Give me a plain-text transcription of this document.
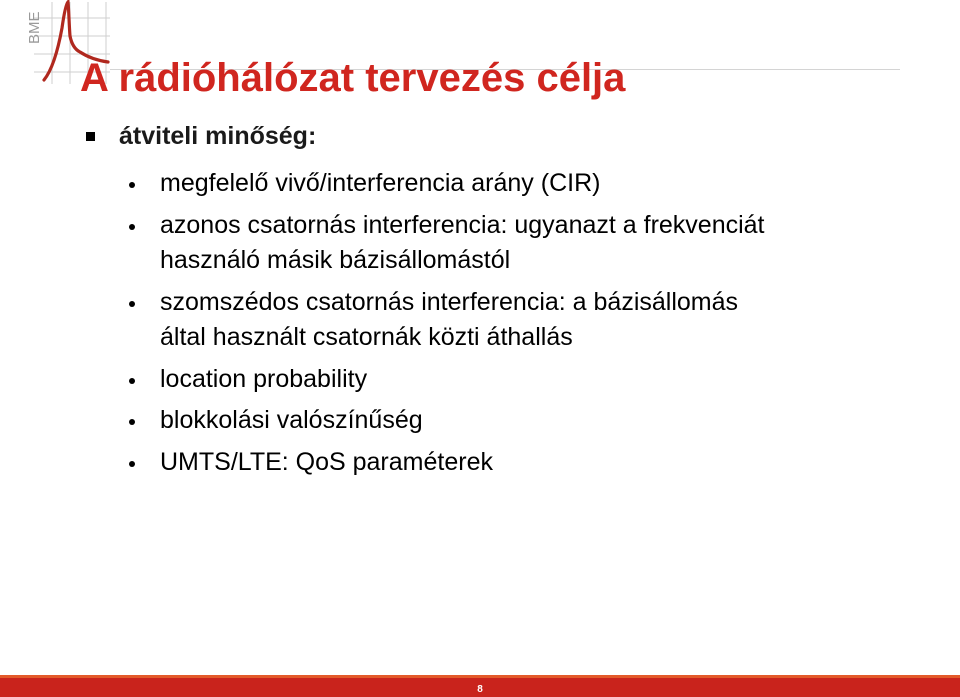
BME
A rádióhálózat tervezés célja
átviteli minőség:
megfelelő vivő/interferencia arány (CIR)
azonos csatornás interferencia: ugyanazt a frekvenciát
használó másik bázisállomástól
szomszédos csatornás interferencia: a bázisállomás
által használt csatornák közti áthallás
location probability
blokkolási valószínűség
UMTS/LTE: QoS paraméterek
8
